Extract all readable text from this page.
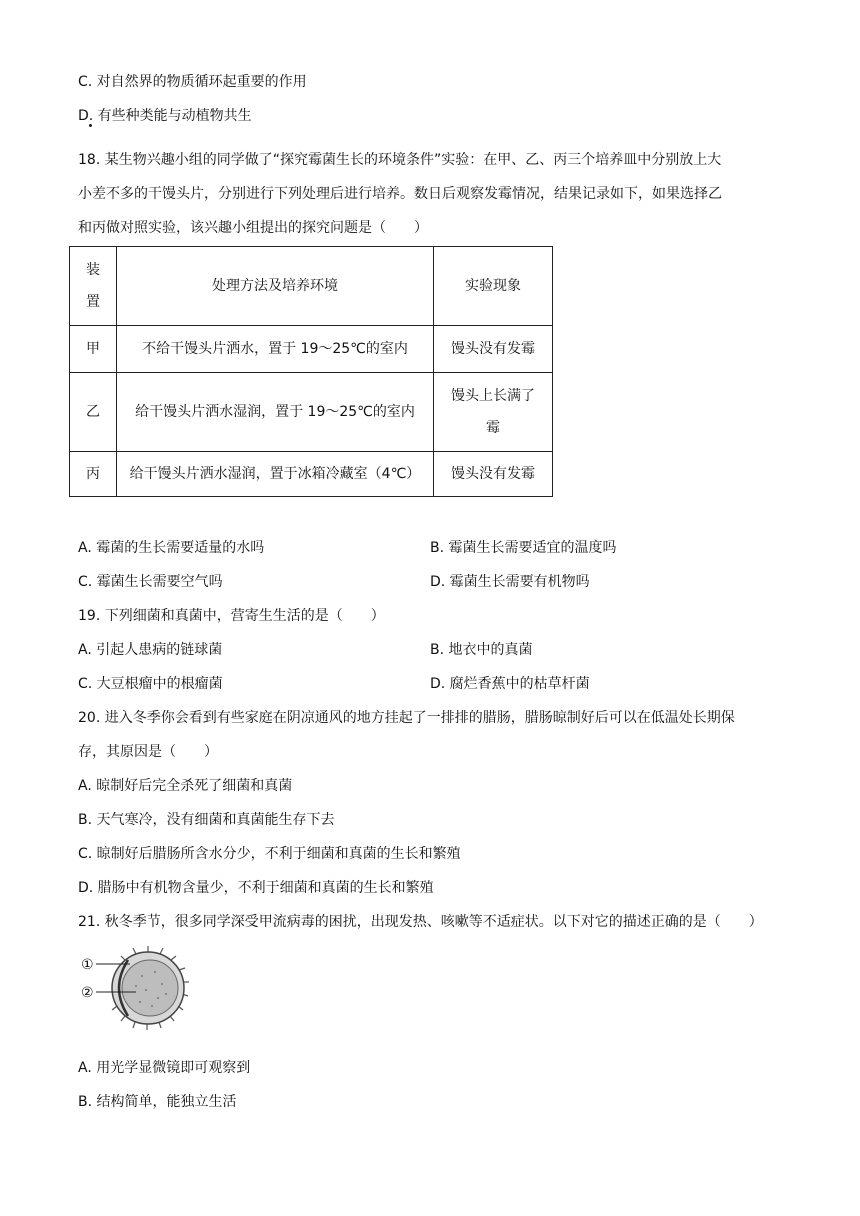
C. 对自然界的物质循环起重要的作用
D. 有些种类能与动植物共生
18. 某生物兴趣小组的同学做了“探究霉菌生长的环境条件”实验：在甲、乙、丙三个培养皿中分别放上大
小差不多的干馒头片，分别进行下列处理后进行培养。数日后观察发霉情况，结果记录如下，如果选择乙
和丙做对照实验，该兴趣小组提出的探究问题是（　　）
装
置	处理方法及培养环境	实验现象
甲	不给干馒头片洒水，置于 19～25℃的室内	馒头没有发霉
乙	给干馒头片洒水湿润，置于 19～25℃的室内	馒头上长满了
霉
丙	给干馒头片洒水湿润，置于冰箱冷藏室（4℃）	馒头没有发霉
A. 霉菌的生长需要适量的水吗	B. 霉菌生长需要适宜的温度吗
C. 霉菌生长需要空气吗	D. 霉菌生长需要有机物吗
19. 下列细菌和真菌中，营寄生生活的是（　　）
A. 引起人患病的链球菌	B. 地衣中的真菌
C. 大豆根瘤中的根瘤菌	D. 腐烂香蕉中的枯草杆菌
20. 进入冬季你会看到有些家庭在阴凉通风的地方挂起了一排排的腊肠，腊肠晾制好后可以在低温处长期保
存，其原因是（　　）
A. 晾制好后完全杀死了细菌和真菌
B. 天气寒冷，没有细菌和真菌能生存下去
C. 晾制好后腊肠所含水分少，不利于细菌和真菌的生长和繁殖
D. 腊肠中有机物含量少，不利于细菌和真菌的生长和繁殖
21. 秋冬季节，很多同学深受甲流病毒的困扰，出现发热、咳嗽等不适症状。以下对它的描述正确的是（　　）
①
②
A. 用光学显微镜即可观察到
B. 结构简单，能独立生活
